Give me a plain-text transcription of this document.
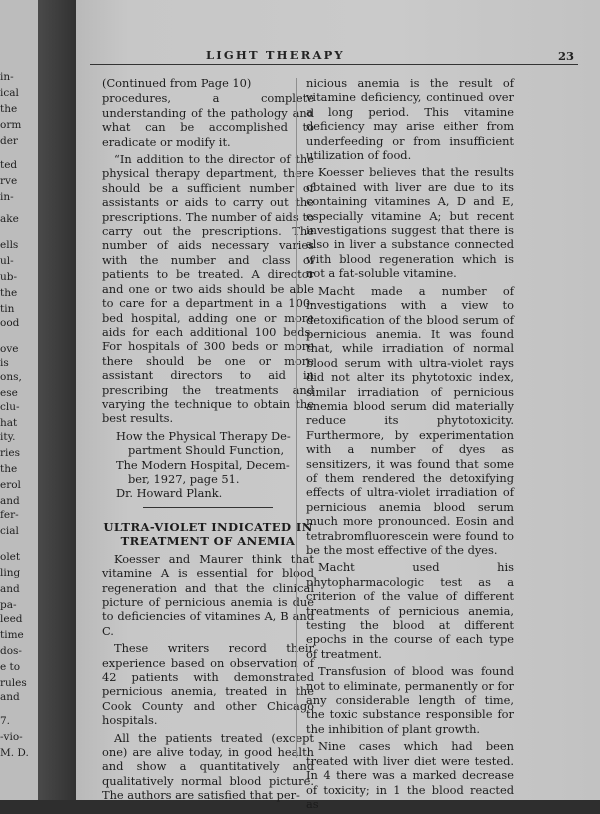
in-
ical
the
orm
der
ted
rve
in-
ake
ells
ul-
ub-
the
tin
ood
ove
is
ons,
ese
clu-
hat
ity.
ries
the
erol
and
fer-
cial
olet
ling
and
pa-
leed
time
dos-
e to
rules
and
7.
-vio-
M. D.
LIGHT THERAPY	23

(Continued from Page 10)

procedures, a complete understanding of the pathology and what can be accomplished to eradicate or modify it.

“In addition to the director of the physical therapy department, there should be a sufficient number of assistants or aids to carry out the prescriptions. The number of aids to carry out the prescriptions. The number of aids necessary varies with the number and class of patients to be treated. A director and one or two aids should be able to care for a department in a 100-bed hospital, adding one or more aids for each additional 100 beds. For hospitals of 300 beds or more there should be one or more assistant directors to aid in prescribing the treatments and varying the technique to obtain the best results.

How the Physical Therapy De-

partment Should Function,

The Modern Hospital, Decem-

ber, 1927, page 51.

Dr. Howard Plank.

ULTRA-VIOLET INDICATED IN TREATMENT OF ANEMIA

Koesser and Maurer think that vitamine A is essential for blood regeneration and that the clinical picture of pernicious anemia is due to deficiencies of vitamines A, B and C.

These writers record their experience based on observation of 42 patients with demonstrated pernicious anemia, treated in the Cook County and other Chicago hospitals.

All the patients treated (except one) are alive today, in good health and show a quantitatively and qualitatively normal blood picture. The authors are satisfied that per-

nicious anemia is the result of vitamine deficiency, continued over a long period. This vitamine deficiency may arise either from underfeeding or from insufficient utilization of food.

Koesser believes that the results obtained with liver are due to its containing vitamines A, D and E, especially vitamine A; but recent investigations suggest that there is also in liver a substance connected with blood regeneration which is not a fat-soluble vitamine.

Macht made a number of investigations with a view to detoxification of the blood serum of pernicious anemia. It was found that, while irradiation of normal blood serum with ultra-violet rays did not alter its phytotoxic index, similar irradiation of pernicious anemia blood serum did materially reduce its phytotoxicity. Furthermore, by experimentation with a number of dyes as sensitizers, it was found that some of them rendered the detoxifying effects of ultra-violet irradiation of pernicious anemia blood serum much more pronounced. Eosin and tetrabromfluorescein were found to be the most effective of the dyes.

Macht used his phytopharmacologic test as a criterion of the value of different treatments of pernicious anemia, testing the blood at different epochs in the course of each type of treatment.

Transfusion of blood was found not to eliminate, permanently or for any considerable length of time, the toxic substance responsible for the inhibition of plant growth.

Nine cases which had been treated with liver diet were tested. In 4 there was a marked decrease of toxicity; in 1 the blood reacted as
